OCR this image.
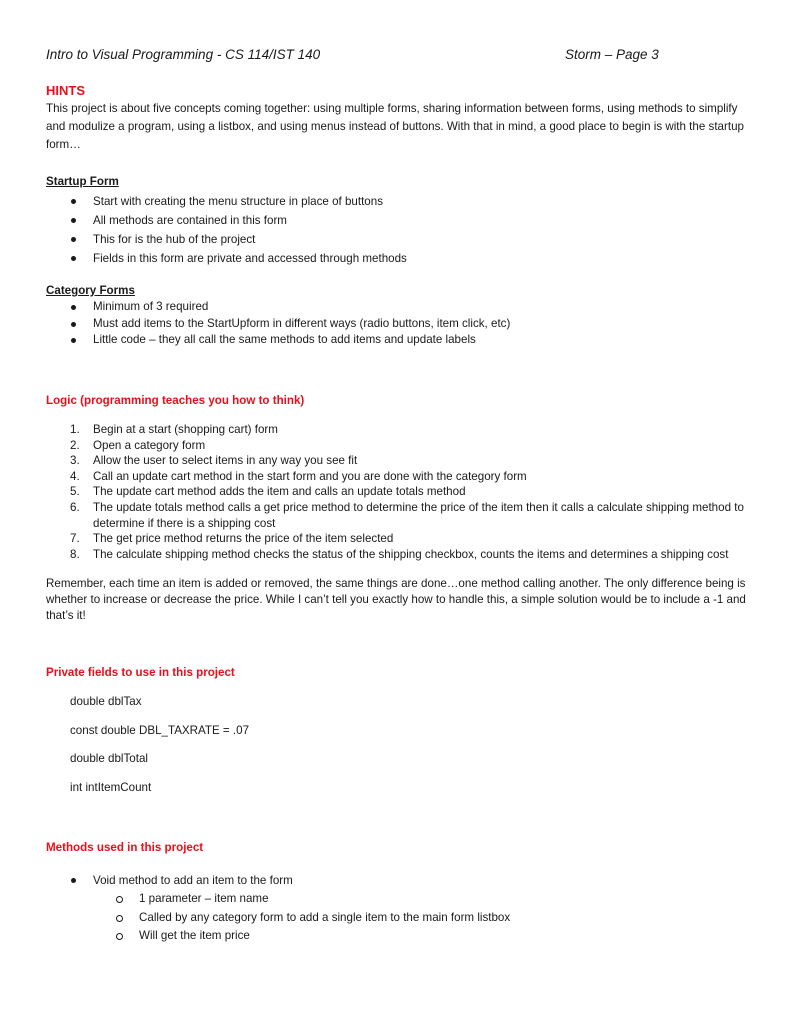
Intro to Visual Programming - CS 114/IST 140	Storm – Page 3
HINTS
This project is about five concepts coming together: using multiple forms, sharing information between forms, using methods to simplify and modulize a program, using a listbox, and using menus instead of buttons. With that in mind, a good place to begin is with the startup form…
Startup Form
Start with creating the menu structure in place of buttons
All methods are contained in this form
This for is the hub of the project
Fields in this form are private and accessed through methods
Category Forms
Minimum of 3 required
Must add items to the StartUpform in different ways (radio buttons, item click, etc)
Little code – they all call the same methods to add items and update labels
Logic (programming teaches you how to think)
1. Begin at a start (shopping cart) form
2. Open a category form
3. Allow the user to select items in any way you see fit
4. Call an update cart method in the start form and you are done with the category form
5. The update cart method adds the item and calls an update totals method
6. The update totals method calls a get price method to determine the price of the item then it calls a calculate shipping method to determine if there is a shipping cost
7. The get price method returns the price of the item selected
8. The calculate shipping method checks the status of the shipping checkbox, counts the items and determines a shipping cost
Remember, each time an item is added or removed, the same things are done…one method calling another. The only difference being is whether to increase or decrease the price. While I can’t tell you exactly how to handle this, a simple solution would be to include a -1 and that’s it!
Private fields to use in this project
double dblTax
const double DBL_TAXRATE = .07
double dblTotal
int intItemCount
Methods used in this project
Void method to add an item to the form
1 parameter – item name
Called by any category form to add a single item to the main form listbox
Will get the item price
